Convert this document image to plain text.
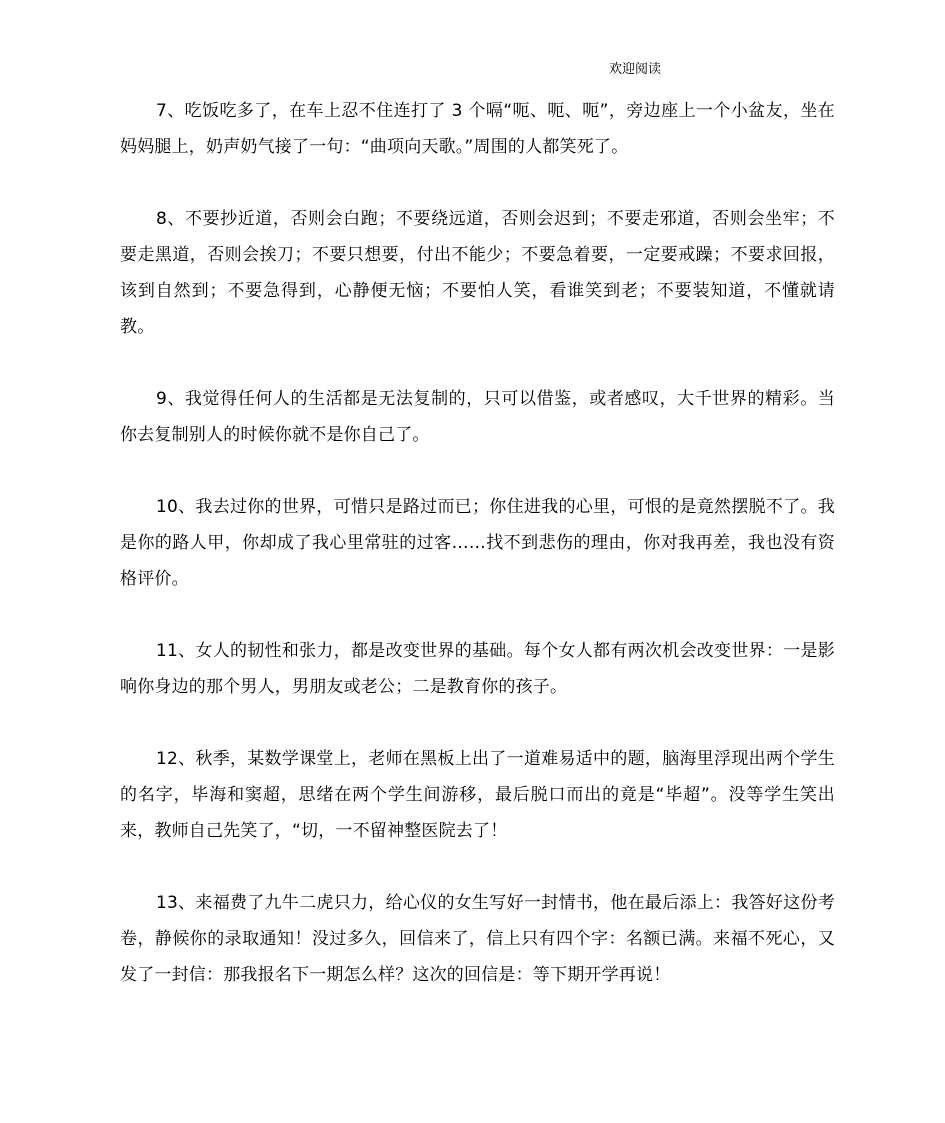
欢迎阅读

7、吃饭吃多了，在车上忍不住连打了 3 个嗝“呃、呃、呃”，旁边座上一个小盆友，坐在妈妈腿上，奶声奶气接了一句：“曲项向天歌。”周围的人都笑死了。

8、不要抄近道，否则会白跑；不要绕远道，否则会迟到；不要走邪道，否则会坐牢；不要走黑道，否则会挨刀；不要只想要，付出不能少；不要急着要，一定要戒躁；不要求回报，该到自然到；不要急得到，心静便无恼；不要怕人笑，看谁笑到老；不要装知道，不懂就请教。

9、我觉得任何人的生活都是无法复制的，只可以借鉴，或者感叹，大千世界的精彩。当你去复制别人的时候你就不是你自己了。

10、我去过你的世界，可惜只是路过而已；你住进我的心里，可恨的是竟然摆脱不了。我是你的路人甲，你却成了我心里常驻的过客……找不到悲伤的理由，你对我再差，我也没有资格评价。

11、女人的韧性和张力，都是改变世界的基础。每个女人都有两次机会改变世界：一是影响你身边的那个男人，男朋友或老公；二是教育你的孩子。

12、秋季，某数学课堂上，老师在黑板上出了一道难易适中的题，脑海里浮现出两个学生的名字，毕海和窦超，思绪在两个学生间游移，最后脱口而出的竟是“毕超”。没等学生笑出来，教师自己先笑了，“切，一不留神整医院去了！

13、来福费了九牛二虎只力，给心仪的女生写好一封情书，他在最后添上：我答好这份考卷，静候你的录取通知！没过多久，回信来了，信上只有四个字：名额已满。来福不死心，又发了一封信：那我报名下一期怎么样？这次的回信是：等下期开学再说！
